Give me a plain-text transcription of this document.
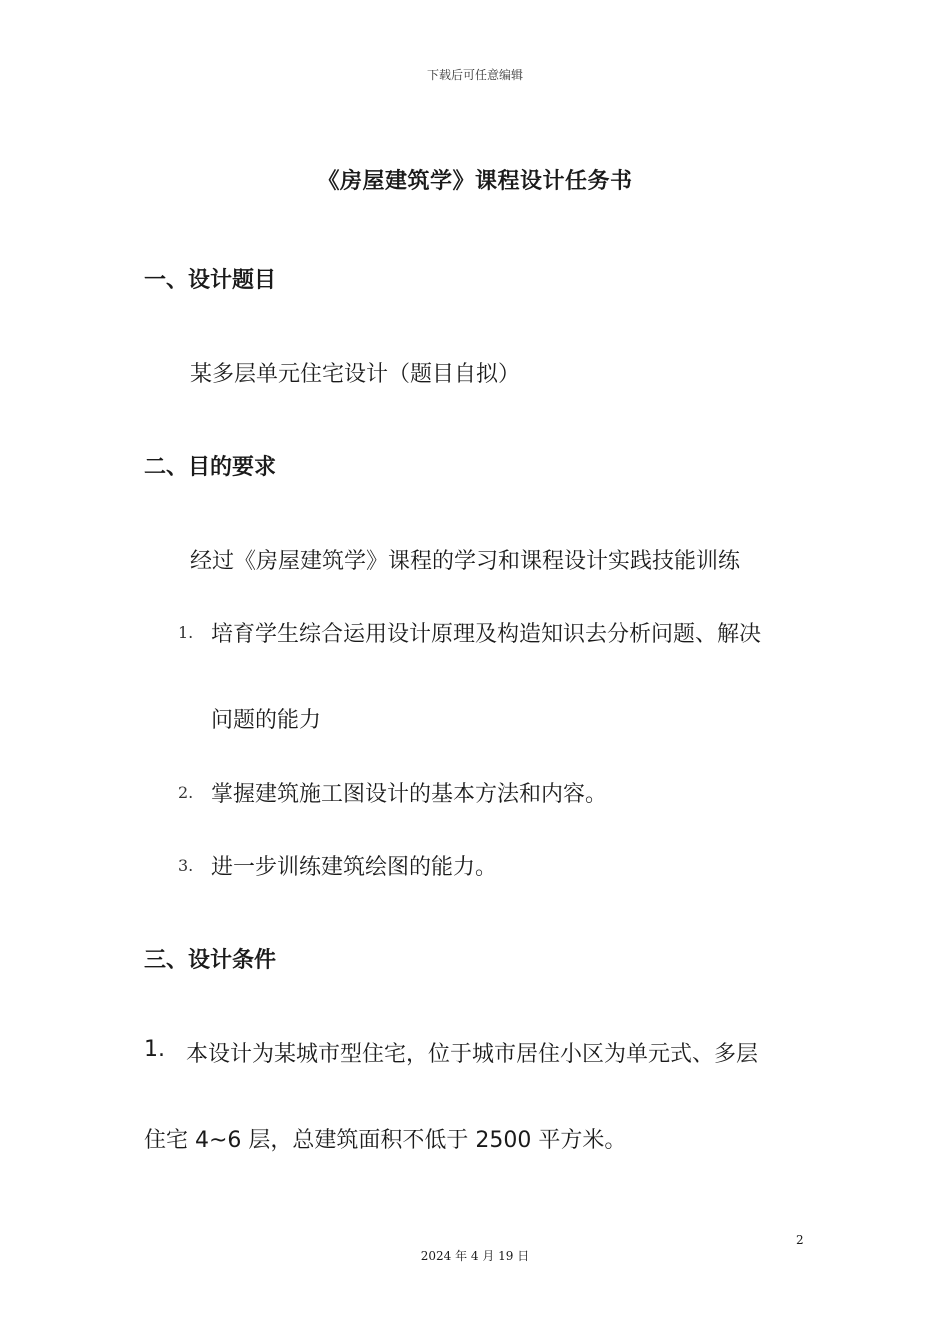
下载后可任意编辑
《房屋建筑学》课程设计任务书
一、设计题目
某多层单元住宅设计（题目自拟）
二、目的要求
经过《房屋建筑学》课程的学习和课程设计实践技能训练
1. 培育学生综合运用设计原理及构造知识去分析问题、解决
问题的能力
2. 掌握建筑施工图设计的基本方法和内容。
3. 进一步训练建筑绘图的能力。
三、设计条件
1. 本设计为某城市型住宅，位于城市居住小区为单元式、多层
住宅 4~6 层，总建筑面积不低于 2500 平方米。
2
2024 年 4 月 19 日
